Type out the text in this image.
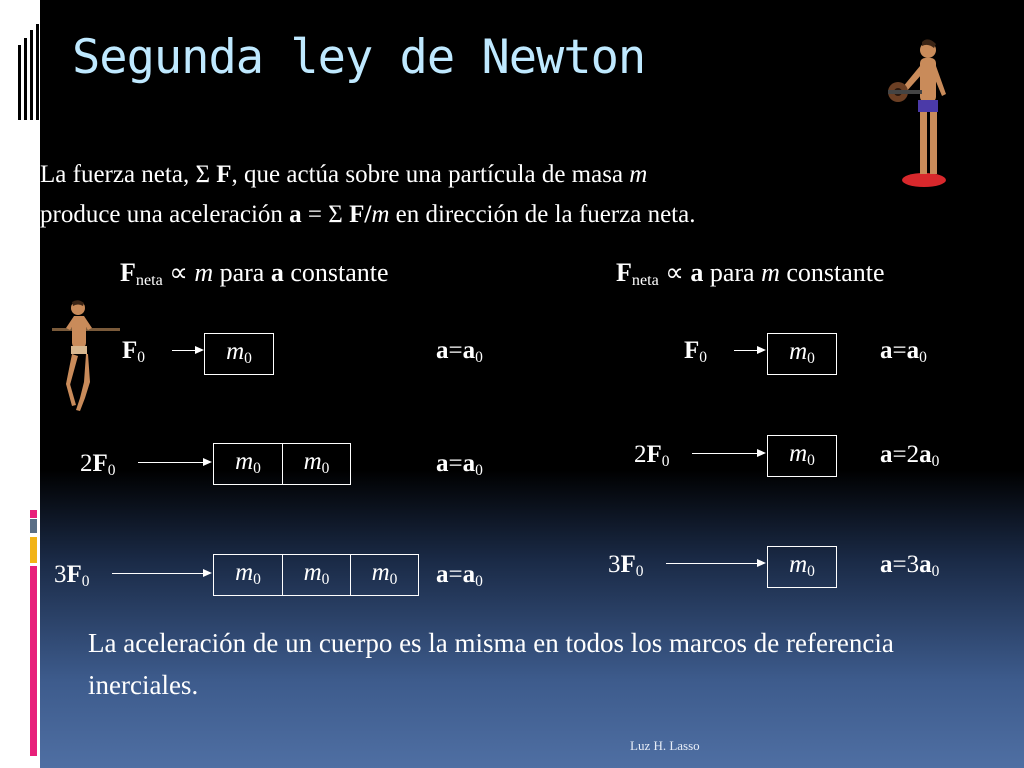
Segunda ley de Newton
La fuerza neta, Σ F, que actúa sobre una partícula de masa m
produce una aceleración a = Σ F/m en dirección de la fuerza neta.
$F_{neta} \propto m$ para a constante	$F_{neta} \propto a$ para m constante
$F_0$	$m_0$	$a=a_0$
$2F_0$	$m_0$	$m_0$	$a=a_0$
$3F_0$	$m_0$	$m_0$	$m_0$	$a=a_0$
$F_0$	$m_0$	$a=a_0$
$2F_0$	$m_0$	$a=2a_0$
$3F_0$	$m_0$	$a=3a_0$
La aceleración de un cuerpo es la misma en todos los marcos de referencia inerciales.
Luz H. Lasso
